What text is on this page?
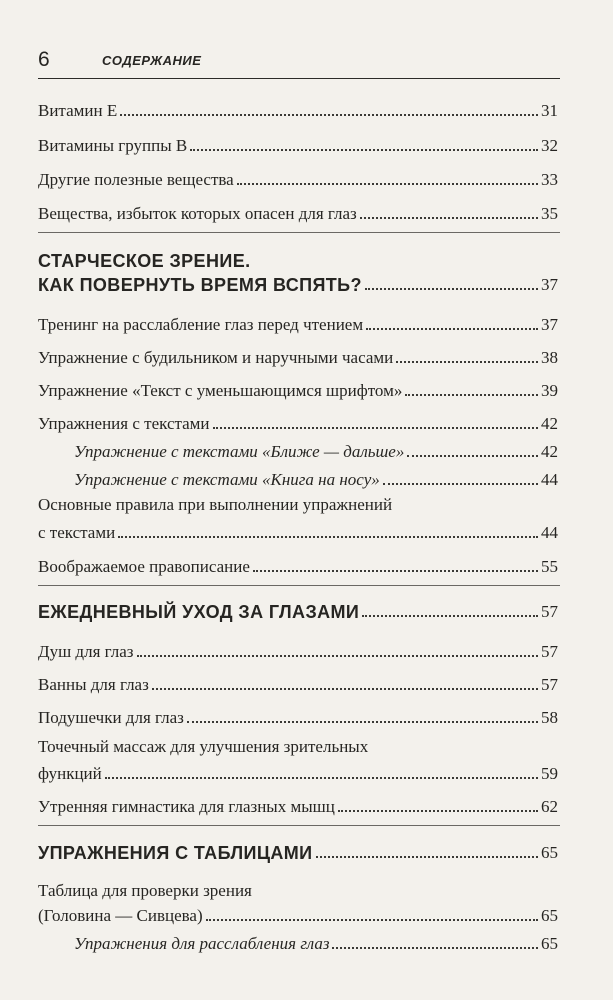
6	СОДЕРЖАНИЕ
Витамин Е	31
Витамины группы В	32
Другие полезные вещества	33
Вещества, избыток которых опасен для глаз	35
СТАРЧЕСКОЕ ЗРЕНИЕ.
КАК ПОВЕРНУТЬ ВРЕМЯ ВСПЯТЬ?	37
Тренинг на расслабление глаз перед чтением	37
Упражнение с будильником и наручными часами	38
Упражнение «Текст с уменьшающимся шрифтом»	39
Упражнения с текстами	42
Упражнение с текстами «Ближе — дальше»	42
Упражнение с текстами «Книга на носу»	44
Основные правила при выполнении упражнений
с текстами	44
Воображаемое правописание	55
ЕЖЕДНЕВНЫЙ УХОД ЗА ГЛАЗАМИ	57
Душ для глаз	57
Ванны для глаз	57
Подушечки для глаз	58
Точечный массаж для улучшения зрительных
функций	59
Утренняя гимнастика для глазных мышц	62
УПРАЖНЕНИЯ С ТАБЛИЦАМИ	65
Таблица для проверки зрения
(Головина — Сивцева)	65
Упражнения для расслабления глаз	65
